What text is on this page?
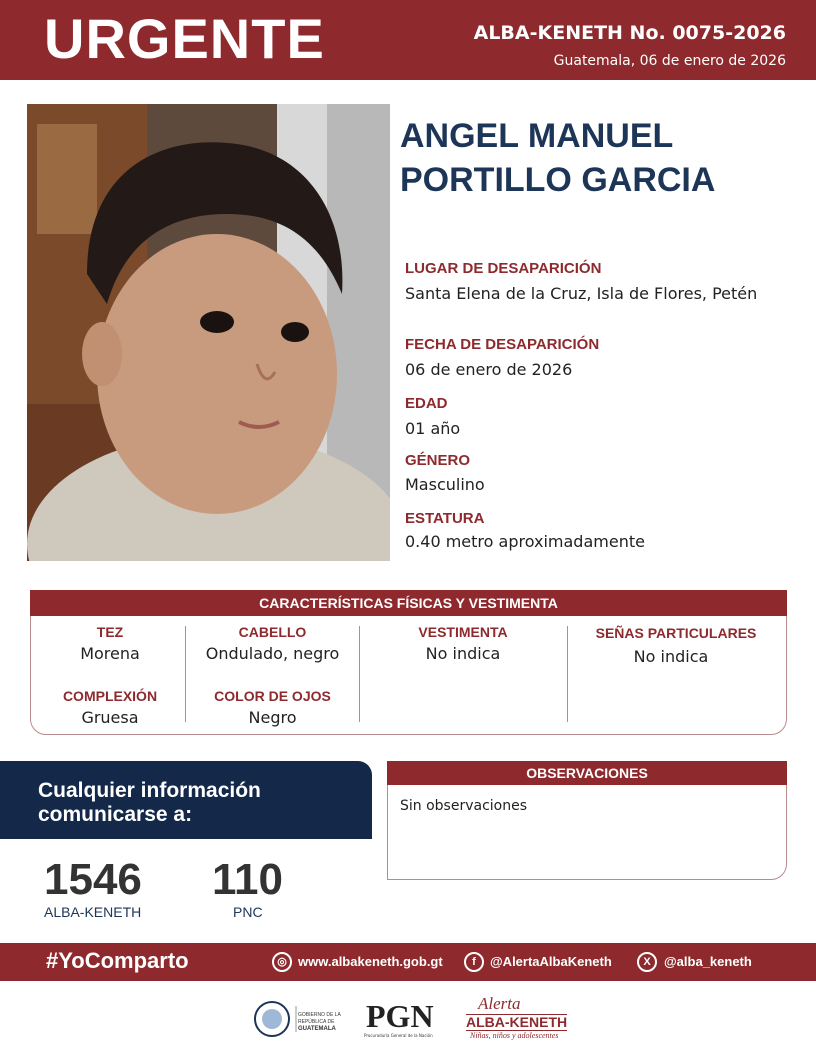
URGENTE	ALBA-KENETH No. 0075-2026
Guatemala, 06 de enero de 2026
ANGEL MANUEL
PORTILLO GARCIA
LUGAR DE DESAPARICIÓN
Santa Elena de la Cruz, Isla de Flores, Petén
FECHA DE DESAPARICIÓN
06 de enero de 2026
EDAD
01 año
GÉNERO
Masculino
ESTATURA
0.40 metro aproximadamente
CARACTERÍSTICAS FÍSICAS Y VESTIMENTA
TEZ
Morena
CABELLO
Ondulado, negro
VESTIMENTA
No indica
SEÑAS PARTICULARES
No indica
COMPLEXIÓN
Gruesa
COLOR DE OJOS
Negro
Cualquier información
comunicarse a:
1546
ALBA-KENETH
110
PNC
OBSERVACIONES
Sin observaciones
#YoComparto	◎ www.albakeneth.gob.gt	f	@AlertaAlbaKeneth	X	@alba_keneth
GOBIERNO DE LA REPÚBLICA DE
GUATEMALA PGN
Procuraduría General de la Nación
Alerta
ALBA-KENETH
Niñas, niños y adolescentes
